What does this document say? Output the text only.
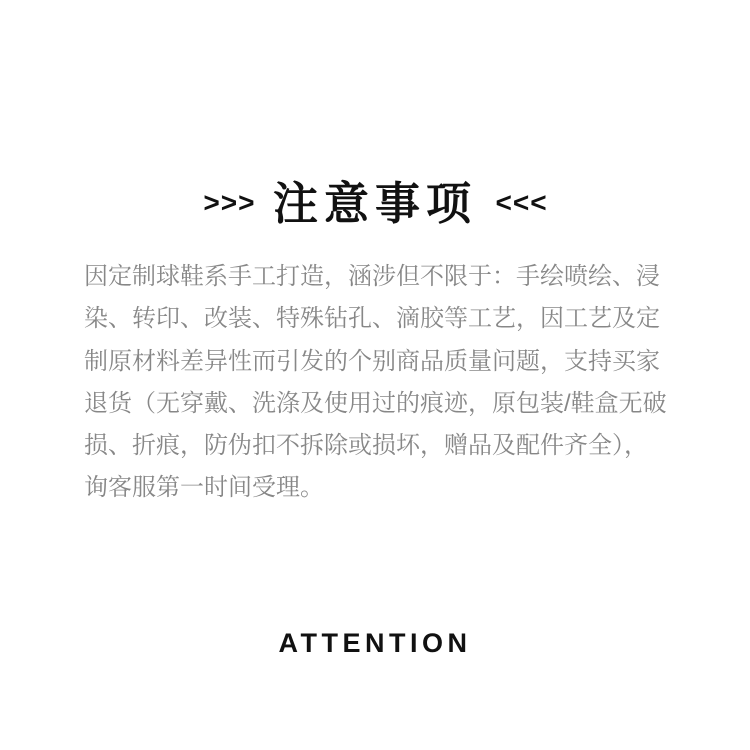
>>> 注意事项 <<<
因定制球鞋系手工打造，涵涉但不限于：手绘喷绘、浸
染、转印、改装、特殊钻孔、滴胶等工艺，因工艺及定
制原材料差异性而引发的个别商品质量问题，支持买家
退货（无穿戴、洗涤及使用过的痕迹，原包装/鞋盒无破
损、折痕，防伪扣不拆除或损坏，赠品及配件齐全），
询客服第一时间受理。
ATTENTION
